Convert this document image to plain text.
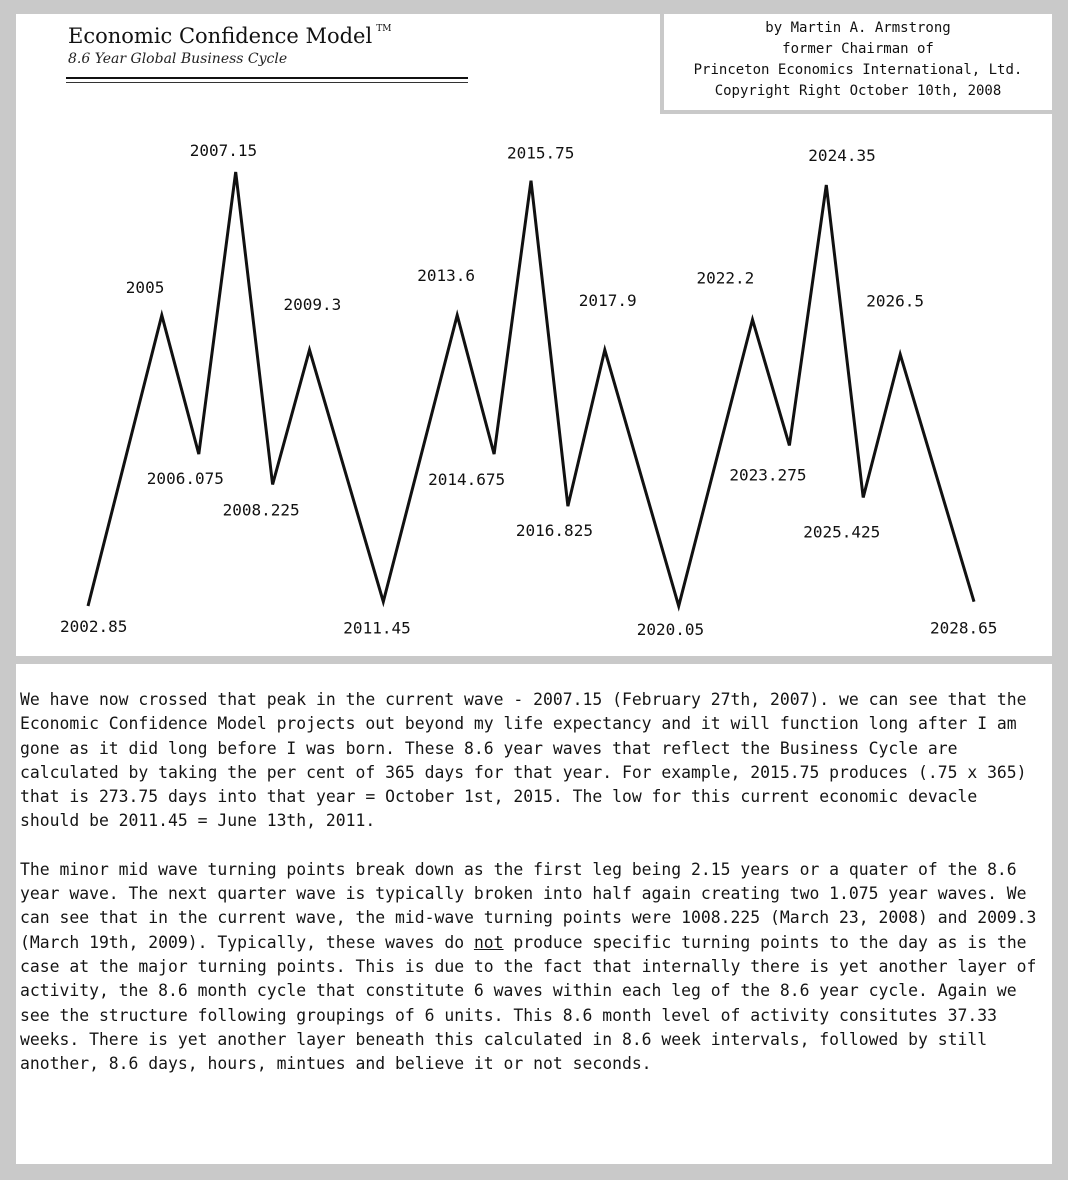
2002.85
2005
2006.075
2007.15
2008.225
2009.3
2011.45
2013.6
2014.675
2015.75
2016.825
2017.9
2020.05
2022.2
2023.275
2024.35
2025.425
2026.5
2028.65
Economic Confidence Model ™
8.6 Year Global Business Cycle
by Martin A. Armstrong
former Chairman of
Princeton Economics International, Ltd.
Copyright Right October 10th, 2008

We have now crossed that peak in the current wave - 2007.15 (February 27th, 2007). we can see that the Economic Confidence Model projects out beyond my life expectancy and it will function long after I am gone as it did long before I was born. These 8.6 year waves that reflect the Business Cycle are calculated by taking the per cent of 365 days for that year. For example, 2015.75 produces (.75 x 365) that is 273.75 days into that year = October 1st, 2015. The low for this current economic devacle should be 2011.45 = June 13th, 2011.

The minor mid wave turning points break down as the first leg being 2.15 years or a quater of the 8.6 year wave. The next quarter wave is typically broken into half again creating two 1.075 year waves. We can see that in the current wave, the mid-wave turning points were 1008.225 (March 23, 2008) and 2009.3 (March 19th, 2009). Typically, these waves do not produce specific turning points to the day as is the case at the major turning points. This is due to the fact that internally there is yet another layer of activity, the 8.6 month cycle that constitute 6 waves within each leg of the 8.6 year cycle. Again we see the structure following groupings of 6 units. This 8.6 month level of activity consitutes 37.33 weeks. There is yet another layer beneath this calculated in 8.6 week intervals, followed by still another, 8.6 days, hours, mintues and believe it or not seconds.
